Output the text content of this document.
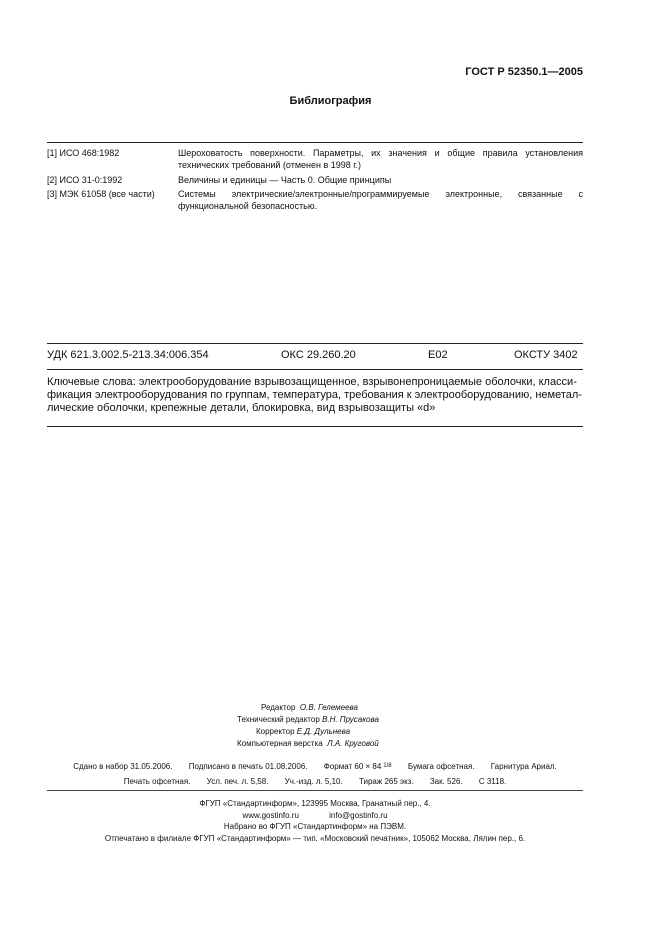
ГОСТ Р 52350.1—2005
Библиография
[1] ИСО 468:1982	Шероховатость поверхности. Параметры, их значения и общие правила установления технических требований (отменен в 1998 г.)
[2] ИСО 31-0:1992	Величины и единицы — Часть 0. Общие принципы
[3] МЭК 61058 (все части)	Системы электрические/электронные/программируемые электронные, связанные с функциональной безопасностью.
УДК 621.3.002.5-213.34:006.354	ОКС 29.260.20	Е02	ОКСТУ 3402
Ключевые слова: электрооборудование взрывозащищенное, взрывонепроницаемые оболочки, класси-
фикация электрооборудования по группам, температура, требования к электрооборудованию, неметал-
лические оболочки, крепежные детали, блокировка, вид взрывозащиты «d»
Редактор О.В. Гелемеева
Технический редактор В.Н. Прусакова
Корректор Е.Д. Дульнева
Компьютерная верстка Л.А. Круговой
Сдано в набор 31.05.2006. Подписано в печать 01.08.2006. Формат 60 × 84 $^{1/8}$ Бумага офсетная. Гарнитура Ариал.
Печать офсетная. Усл. печ. л. 5,58. Уч.-изд. л. 5,10. Тираж 265 экз. Зак. 526. С 3118.
ФГУП «Стандартинформ», 123995 Москва, Гранатный пер., 4.
www.gostinfo.ru	info@gostinfo.ru
Набрано во ФГУП «Стандартинформ» на ПЭВМ.
Отпечатано в филиале ФГУП «Стандартинформ» — тип. «Московский печатник», 105062 Москва, Лялин пер., 6.
